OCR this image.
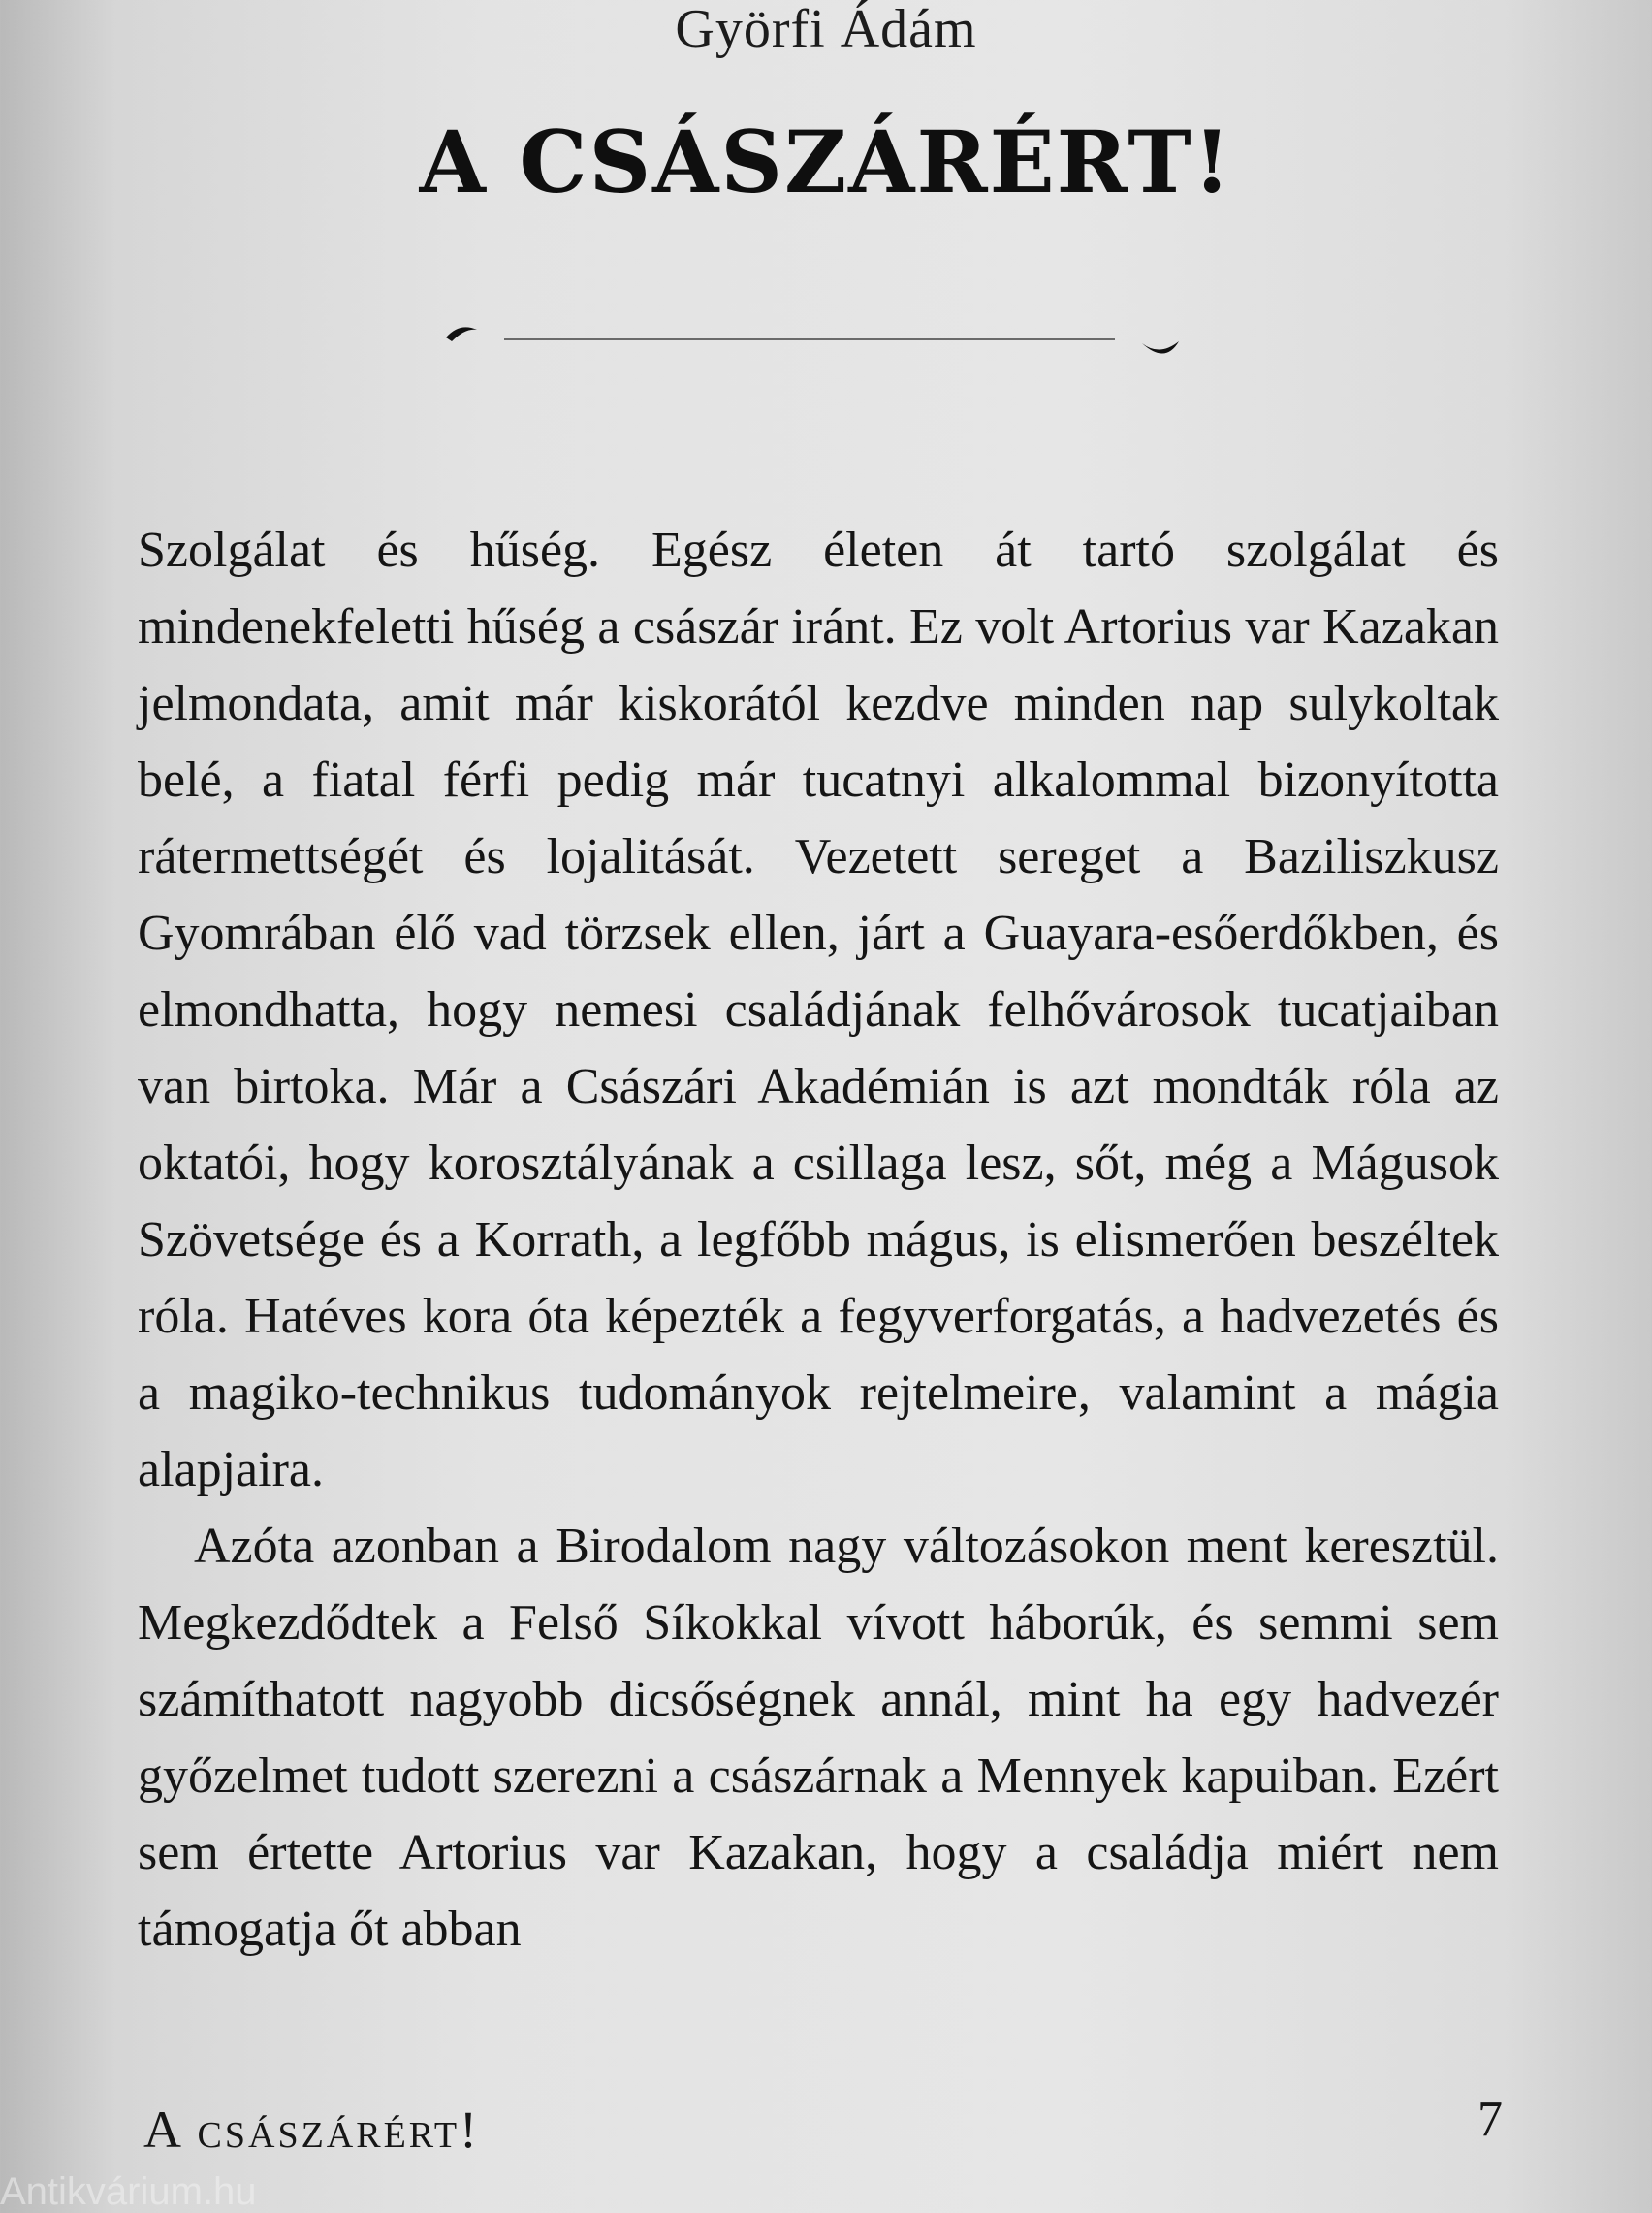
Györfi Ádám
A CSÁSZÁRÉRT!

Szolgálat és hűség. Egész életen át tartó szolgálat és mindenekfeletti hűség a császár iránt. Ez volt Artorius var Kazakan jelmondata, amit már kiskorától kezdve minden nap sulykoltak belé, a fiatal férfi pedig már tucatnyi alkalommal bizonyította rátermettségét és lojalitását. Vezetett sereget a Baziliszkusz Gyomrában élő vad törzsek ellen, járt a Guayara-esőerdőkben, és elmondhatta, hogy nemesi családjának felhővárosok tucatjaiban van birtoka. Már a Császári Akadémián is azt mondták róla az oktatói, hogy korosztályának a csillaga lesz, sőt, még a Mágusok Szövetsége és a Korrath, a legfőbb mágus, is elismerően beszéltek róla. Hatéves kora óta képezték a fegyverforgatás, a hadvezetés és a magiko-technikus tudományok rejtelmeire, valamint a mágia alapjaira.

Azóta azonban a Birodalom nagy változásokon ment keresztül. Megkezdődtek a Felső Síkokkal vívott háborúk, és semmi sem számíthatott nagyobb dicsőségnek annál, mint ha egy hadvezér győzelmet tudott szerezni a császárnak a Mennyek kapuiban. Ezért sem értette Artorius var Kazakan, hogy a családja miért nem támogatja őt abban

A császárért!	7
Antikvárium.hu
